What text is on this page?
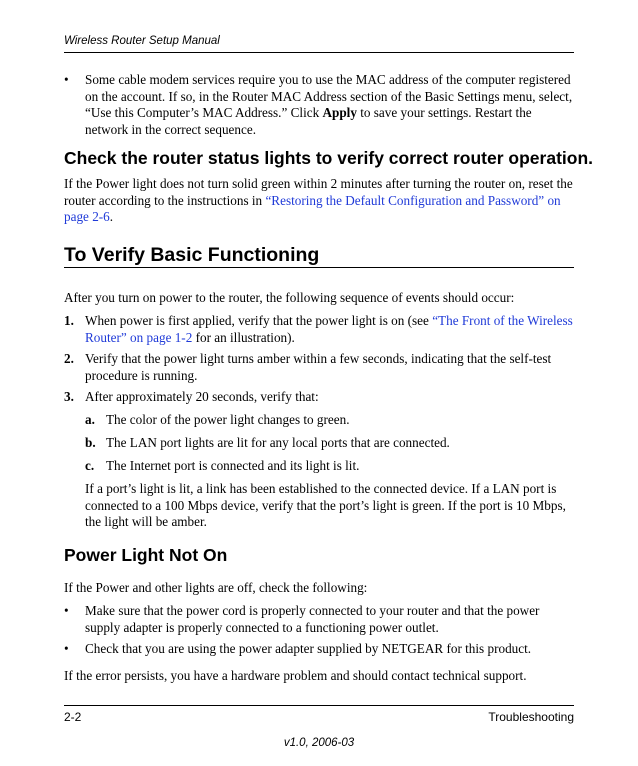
Wireless Router Setup Manual
•	Some cable modem services require you to use the MAC address of the computer registered on the account. If so, in the Router MAC Address section of the Basic Settings menu, select, “Use this Computer’s MAC Address.” Click Apply to save your settings. Restart the network in the correct sequence.
Check the router status lights to verify correct router operation.
If the Power light does not turn solid green within 2 minutes after turning the router on, reset the router according to the instructions in “Restoring the Default Configuration and Password” on page 2-6.
To Verify Basic Functioning
After you turn on power to the router, the following sequence of events should occur:
1. When power is first applied, verify that the power light is on (see “The Front of the Wireless Router” on page 1-2 for an illustration).
2. Verify that the power light turns amber within a few seconds, indicating that the self-test procedure is running.
3. After approximately 20 seconds, verify that:
a. The color of the power light changes to green.
b. The LAN port lights are lit for any local ports that are connected.
c. The Internet port is connected and its light is lit.
If a port’s light is lit, a link has been established to the connected device. If a LAN port is connected to a 100 Mbps device, verify that the port’s light is green. If the port is 10 Mbps, the light will be amber.
Power Light Not On
If the Power and other lights are off, check the following:
•	Make sure that the power cord is properly connected to your router and that the power supply adapter is properly connected to a functioning power outlet.
•	Check that you are using the power adapter supplied by NETGEAR for this product.
If the error persists, you have a hardware problem and should contact technical support.
2-2	Troubleshooting
v1.0, 2006-03
